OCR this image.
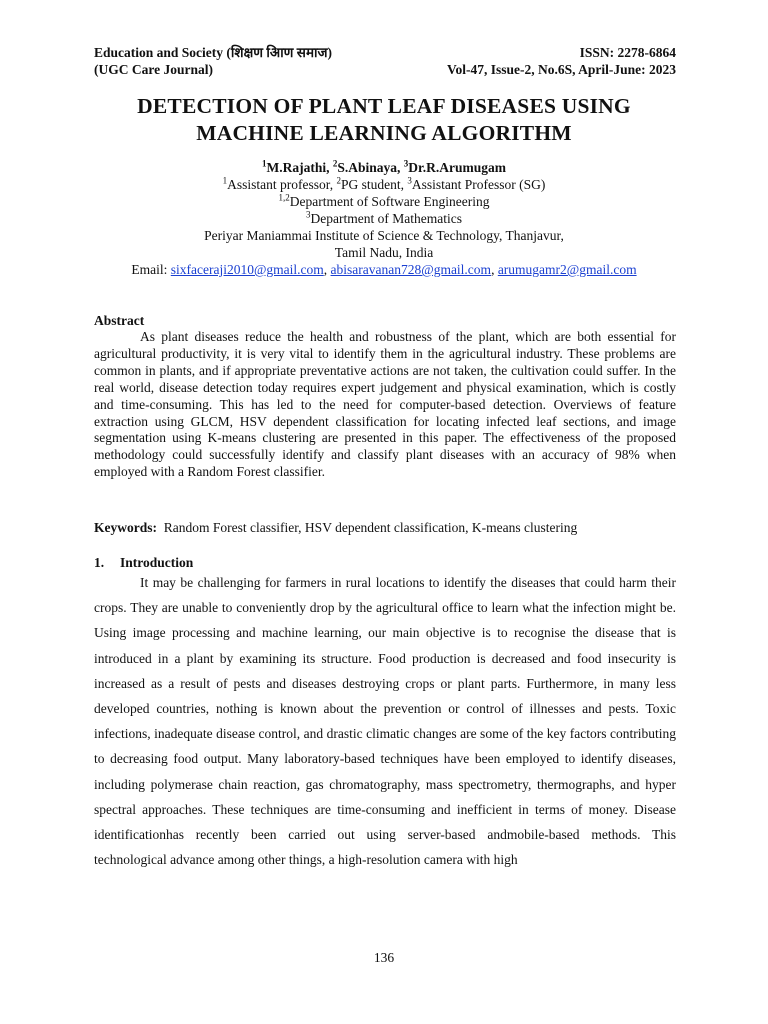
Education and Society (शिक्षण आिण समाज)	ISSN: 2278-6864
(UGC Care Journal)	Vol-47, Issue-2, No.6S, April-June: 2023
DETECTION OF PLANT LEAF DISEASES USING
MACHINE LEARNING ALGORITHM
$^1$M.Rajathi, $^2$S.Abinaya, $^3$Dr.R.Arumugam
$^1$Assistant professor, $^2$PG student, $^3$Assistant Professor (SG)
$^{1,2}$Department of Software Engineering
$^3$Department of Mathematics
Periyar Maniammai Institute of Science & Technology, Thanjavur,
Tamil Nadu, India
Email: sixfaceraji2010@gmail.com, abisaravanan728@gmail.com, arumugamr2@gmail.com
Abstract

As plant diseases reduce the health and robustness of the plant, which are both essential for agricultural productivity, it is very vital to identify them in the agricultural industry. These problems are common in plants, and if appropriate preventative actions are not taken, the cultivation could suffer. In the real world, disease detection today requires expert judgement and physical examination, which is costly and time-consuming. This has led to the need for computer-based detection. Overviews of feature extraction using GLCM, HSV dependent classification for locating infected leaf sections, and image segmentation using K-means clustering are presented in this paper. The effectiveness of the proposed methodology could successfully identify and classify plant diseases with an accuracy of 98% when employed with a Random Forest classifier.

Keywords: Random Forest classifier, HSV dependent classification, K-means clustering
1. Introduction

It may be challenging for farmers in rural locations to identify the diseases that could harm their crops. They are unable to conveniently drop by the agricultural office to learn what the infection might be. Using image processing and machine learning, our main objective is to recognise the disease that is introduced in a plant by examining its structure. Food production is decreased and food insecurity is increased as a result of pests and diseases destroying crops or plant parts. Furthermore, in many less developed countries, nothing is known about the prevention or control of illnesses and pests. Toxic infections, inadequate disease control, and drastic climatic changes are some of the key factors contributing to decreasing food output. Many laboratory-based techniques have been employed to identify diseases, including polymerase chain reaction, gas chromatography, mass spectrometry, thermographs, and hyper spectral approaches. These techniques are time-consuming and inefficient in terms of money. Disease identificationhas recently been carried out using server-based andmobile-based methods. This technological advance among other things, a high-resolution camera with high

136
